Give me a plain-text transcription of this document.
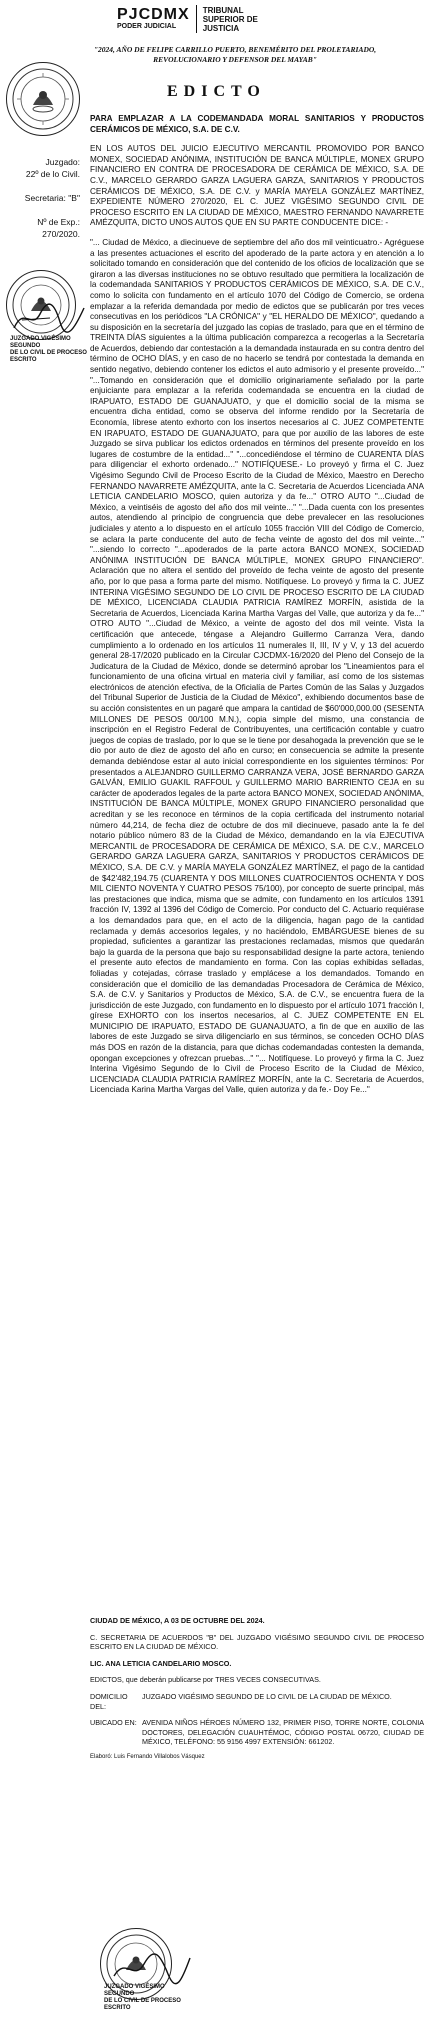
PJCDMX
PODER JUDICIAL
TRIBUNAL
SUPERIOR DE
JUSTICIA
"2024, AÑO DE FELIPE CARRILLO PUERTO, BENEMÉRITO DEL PROLETARIADO,
REVOLUCIONARIO Y DEFENSOR DEL MAYAB"
EDICTO
JUZGADO VIGÉSIMO SEGUNDO
DE LO CIVIL DE PROCESO ESCRITO
JUZGADO VIGÉSIMO SEGUNDO
DE LO CIVIL DE PROCESO ESCRITO
Juzgado:
22º de lo Civil.
Secretaria: "B"
Nº de Exp.:
270/2020.

PARA EMPLAZAR A LA CODEMANDADA MORAL SANITARIOS Y PRODUCTOS CERÁMICOS DE MÉXICO, S.A. DE C.V.

EN LOS AUTOS DEL JUICIO EJECUTIVO MERCANTIL PROMOVIDO POR BANCO MONEX, SOCIEDAD ANÓNIMA, INSTITUCIÓN DE BANCA MÚLTIPLE, MONEX GRUPO FINANCIERO EN CONTRA DE PROCESADORA DE CERÁMICA DE MÉXICO, S.A. DE C.V., MARCELO GERARDO GARZA LAGUERA GARZA, SANITARIOS Y PRODUCTOS CERÁMICOS DE MÉXICO, S.A. DE C.V. y MARÍA MAYELA GONZÁLEZ MARTÍNEZ, EXPEDIENTE NÚMERO 270/2020, EL C. JUEZ VIGÉSIMO SEGUNDO CIVIL DE PROCESO ESCRITO EN LA CIUDAD DE MÉXICO, MAESTRO FERNANDO NAVARRETE AMÉZQUITA, DICTO UNOS AUTOS QUE EN SU PARTE CONDUCENTE DICE: -

"... Ciudad de México, a diecinueve de septiembre del año dos mil veinticuatro.- Agréguese a las presentes actuaciones el escrito del apoderado de la parte actora y en atención a lo solicitado tomando en consideración que del contenido de los oficios de localización que se giraron a las diversas instituciones no se obtuvo resultado que permitiera la localización de la codemandada SANITARIOS Y PRODUCTOS CERÁMICOS DE MÉXICO, S.A. DE C.V., como lo solicita con fundamento en el artículo 1070 del Código de Comercio, se ordena emplazar a la referida demandada por medio de edictos que se publicarán por tres veces consecutivas en los periódicos "LA CRÓNICA" y "EL HERALDO DE MÉXICO", quedando a su disposición en la secretaría del juzgado las copias de traslado, para que en el término de TREINTA DÍAS siguientes a la última publicación comparezca a recogerlas a la Secretaría de Acuerdos, debiendo dar contestación a la demandada instaurada en su contra dentro del término de OCHO DÍAS, y en caso de no hacerlo se tendrá por contestada la demanda en sentido negativo, debiendo contener los edictos el auto admisorio y el presente proveído..." "...Tomando en consideración que el domicilio originariamente señalado por la parte enjuiciante para emplazar a la referida codemandada se encuentra en la ciudad de IRAPUATO, ESTADO DE GUANAJUATO, y que el domicilio social de la misma se encuentra dicha entidad, como se observa del informe rendido por la Secretaría de Economía, líbrese atento exhorto con los insertos necesarios al C. JUEZ COMPETENTE EN IRAPUATO, ESTADO DE GUANAJUATO, para que por auxilio de las labores de este Juzgado se sirva publicar los edictos ordenados en términos del presente proveído en los lugares de costumbre de la entidad..." "...concediéndose el término de CUARENTA DÍAS para diligenciar el exhorto ordenado..." NOTIFÍQUESE.- Lo proveyó y firma el C. Juez Vigésimo Segundo Civil de Proceso Escrito de la Ciudad de México, Maestro en Derecho FERNANDO NAVARRETE AMÉZQUITA, ante la C. Secretaria de Acuerdos Licenciada ANA LETICIA CANDELARIO MOSCO, quien autoriza y da fe..." OTRO AUTO "...Ciudad de México, a veintiséis de agosto del año dos mil veinte..." "...Dada cuenta con los presentes autos, atendiendo al principio de congruencia que debe prevalecer en las resoluciones judiciales y atento a lo dispuesto en el artículo 1055 fracción VIII del Código de Comercio, se aclara la parte conducente del auto de fecha veinte de agosto del dos mil veinte..." "...siendo lo correcto "...apoderados de la parte actora BANCO MONEX, SOCIEDAD ANÓNIMA INSTITUCIÓN DE BANCA MÚLTIPLE, MONEX GRUPO FINANCIERO". Aclaración que no altera el sentido del proveído de fecha veinte de agosto del presente año, por lo que pasa a forma parte del mismo. Notifíquese. Lo proveyó y firma la C. JUEZ INTERINA VIGÉSIMO SEGUNDO DE LO CIVIL DE PROCESO ESCRITO DE LA CIUDAD DE MÉXICO, LICENCIADA CLAUDIA PATRICIA RAMÍREZ MORFÍN, asistida de la Secretaria de Acuerdos, Licenciada Karina Martha Vargas del Valle, que autoriza y da fe..." OTRO AUTO "...Ciudad de México, a veinte de agosto del dos mil veinte. Vista la certificación que antecede, téngase a Alejandro Guillermo Carranza Vera, dando cumplimiento a lo ordenado en los artículos 11 numerales II, III, IV y V, y 13 del acuerdo general 28-17/2020 publicado en la Circular CJCDMX-16/2020 del Pleno del Consejo de la Judicatura de la Ciudad de México, donde se determinó aprobar los "Lineamientos para el funcionamiento de una oficina virtual en materia civil y familiar, así como de los sistemas electrónicos de atención efectiva, de la Oficialía de Partes Común de las Salas y Juzgados del Tribunal Superior de Justicia de la Ciudad de México", exhibiendo documentos base de su acción consistentes en un pagaré que ampara la cantidad de $60'000,000.00 (SESENTA MILLONES DE PESOS 00/100 M.N.), copia simple del mismo, una constancia de inscripción en el Registro Federal de Contribuyentes, una certificación contable y cuatro juegos de copias de traslado, por lo que se le tiene por desahogada la prevención que se le dio por auto de diez de agosto del año en curso; en consecuencia se admite la presente demanda debiéndose estar al auto inicial correspondiente en los siguientes términos: Por presentados a ALEJANDRO GUILLERMO CARRANZA VERA, JOSÉ BERNARDO GARZA GALVÁN, EMILIO GUAKIL RAFFOUL y GUILLERMO MARIO BARRIENTO CEJA en su carácter de apoderados legales de la parte actora BANCO MONEX, SOCIEDAD ANÓNIMA, INSTITUCIÓN DE BANCA MÚLTIPLE, MONEX GRUPO FINANCIERO personalidad que acreditan y se les reconoce en términos de la copia certificada del instrumento notarial número 44,214, de fecha diez de octubre de dos mil diecinueve, pasado ante la fe del notario público número 83 de la Ciudad de México, demandando en la vía EJECUTIVA MERCANTIL de PROCESADORA DE CERÁMICA DE MÉXICO, S.A. DE C.V., MARCELO GERARDO GARZA LAGUERA GARZA, SANITARIOS Y PRODUCTOS CERÁMICOS DE MÉXICO, S.A. DE C.V. y MARÍA MAYELA GONZÁLEZ MARTÍNEZ, el pago de la cantidad de $42'482,194.75 (CUARENTA Y DOS MILLONES CUATROCIENTOS OCHENTA Y DOS MIL CIENTO NOVENTA Y CUATRO PESOS 75/100), por concepto de suerte principal, más las prestaciones que indica, misma que se admite, con fundamento en los artículos 1391 fracción IV, 1392 al 1396 del Código de Comercio. Por conducto del C. Actuario requiérase a los demandados para que, en el acto de la diligencia, hagan pago de la cantidad reclamada y demás accesorios legales, y no haciéndolo, EMBÁRGUESE bienes de su propiedad, suficientes a garantizar las prestaciones reclamadas, mismos que quedarán bajo la guarda de la persona que bajo su responsabilidad designe la parte actora, teniendo el presente auto efectos de mandamiento en forma. Con las copias exhibidas selladas, foliadas y cotejadas, córrase traslado y emplácese a los demandados. Tomando en consideración que el domicilio de las demandadas Procesadora de Cerámica de México, S.A. de C.V. y Sanitarios y Productos de México, S.A. de C.V., se encuentra fuera de la jurisdicción de este Juzgado, con fundamento en lo dispuesto por el artículo 1071 fracción I, gírese EXHORTO con los insertos necesarios, al C. JUEZ COMPETENTE EN EL MUNICIPIO DE IRAPUATO, ESTADO DE GUANAJUATO, a fin de que en auxilio de las labores de este Juzgado se sirva diligenciarlo en sus términos, se conceden OCHO DÍAS más DOS en razón de la distancia, para que dichas codemandadas contesten la demanda, opongan excepciones y ofrezcan pruebas..." "... Notifíquese. Lo proveyó y firma la C. Juez Interina Vigésimo Segundo de lo Civil de Proceso Escrito de la Ciudad de México, LICENCIADA CLAUDIA PATRICIA RAMÍREZ MORFÍN, ante la C. Secretaria de Acuerdos, Licenciada Karina Martha Vargas del Valle, quien autoriza y da fe.- Doy Fe..."

CIUDAD DE MÉXICO, A 03 DE OCTUBRE DEL 2024.

C. SECRETARIA DE ACUERDOS "B" DEL JUZGADO VIGÉSIMO SEGUNDO CIVIL DE PROCESO ESCRITO EN LA CIUDAD DE MÉXICO.

LIC. ANA LETICIA CANDELARIO MOSCO.

EDICTOS, que deberán publicarse por TRES VECES CONSECUTIVAS.

DOMICILIO DEL:
JUZGADO VIGÉSIMO SEGUNDO DE LO CIVIL DE LA CIUDAD DE MÉXICO.
UBICADO EN: AVENIDA NIÑOS HÉROES NÚMERO 132, PRIMER PISO, TORRE NORTE, COLONIA DOCTORES, DELEGACIÓN CUAUHTÉMOC, CÓDIGO POSTAL 06720, CIUDAD DE MÉXICO, TELÉFONO: 55 9156 4997 EXTENSIÓN: 661202.
Elaboró: Luis Fernando Villalobos Vásquez
